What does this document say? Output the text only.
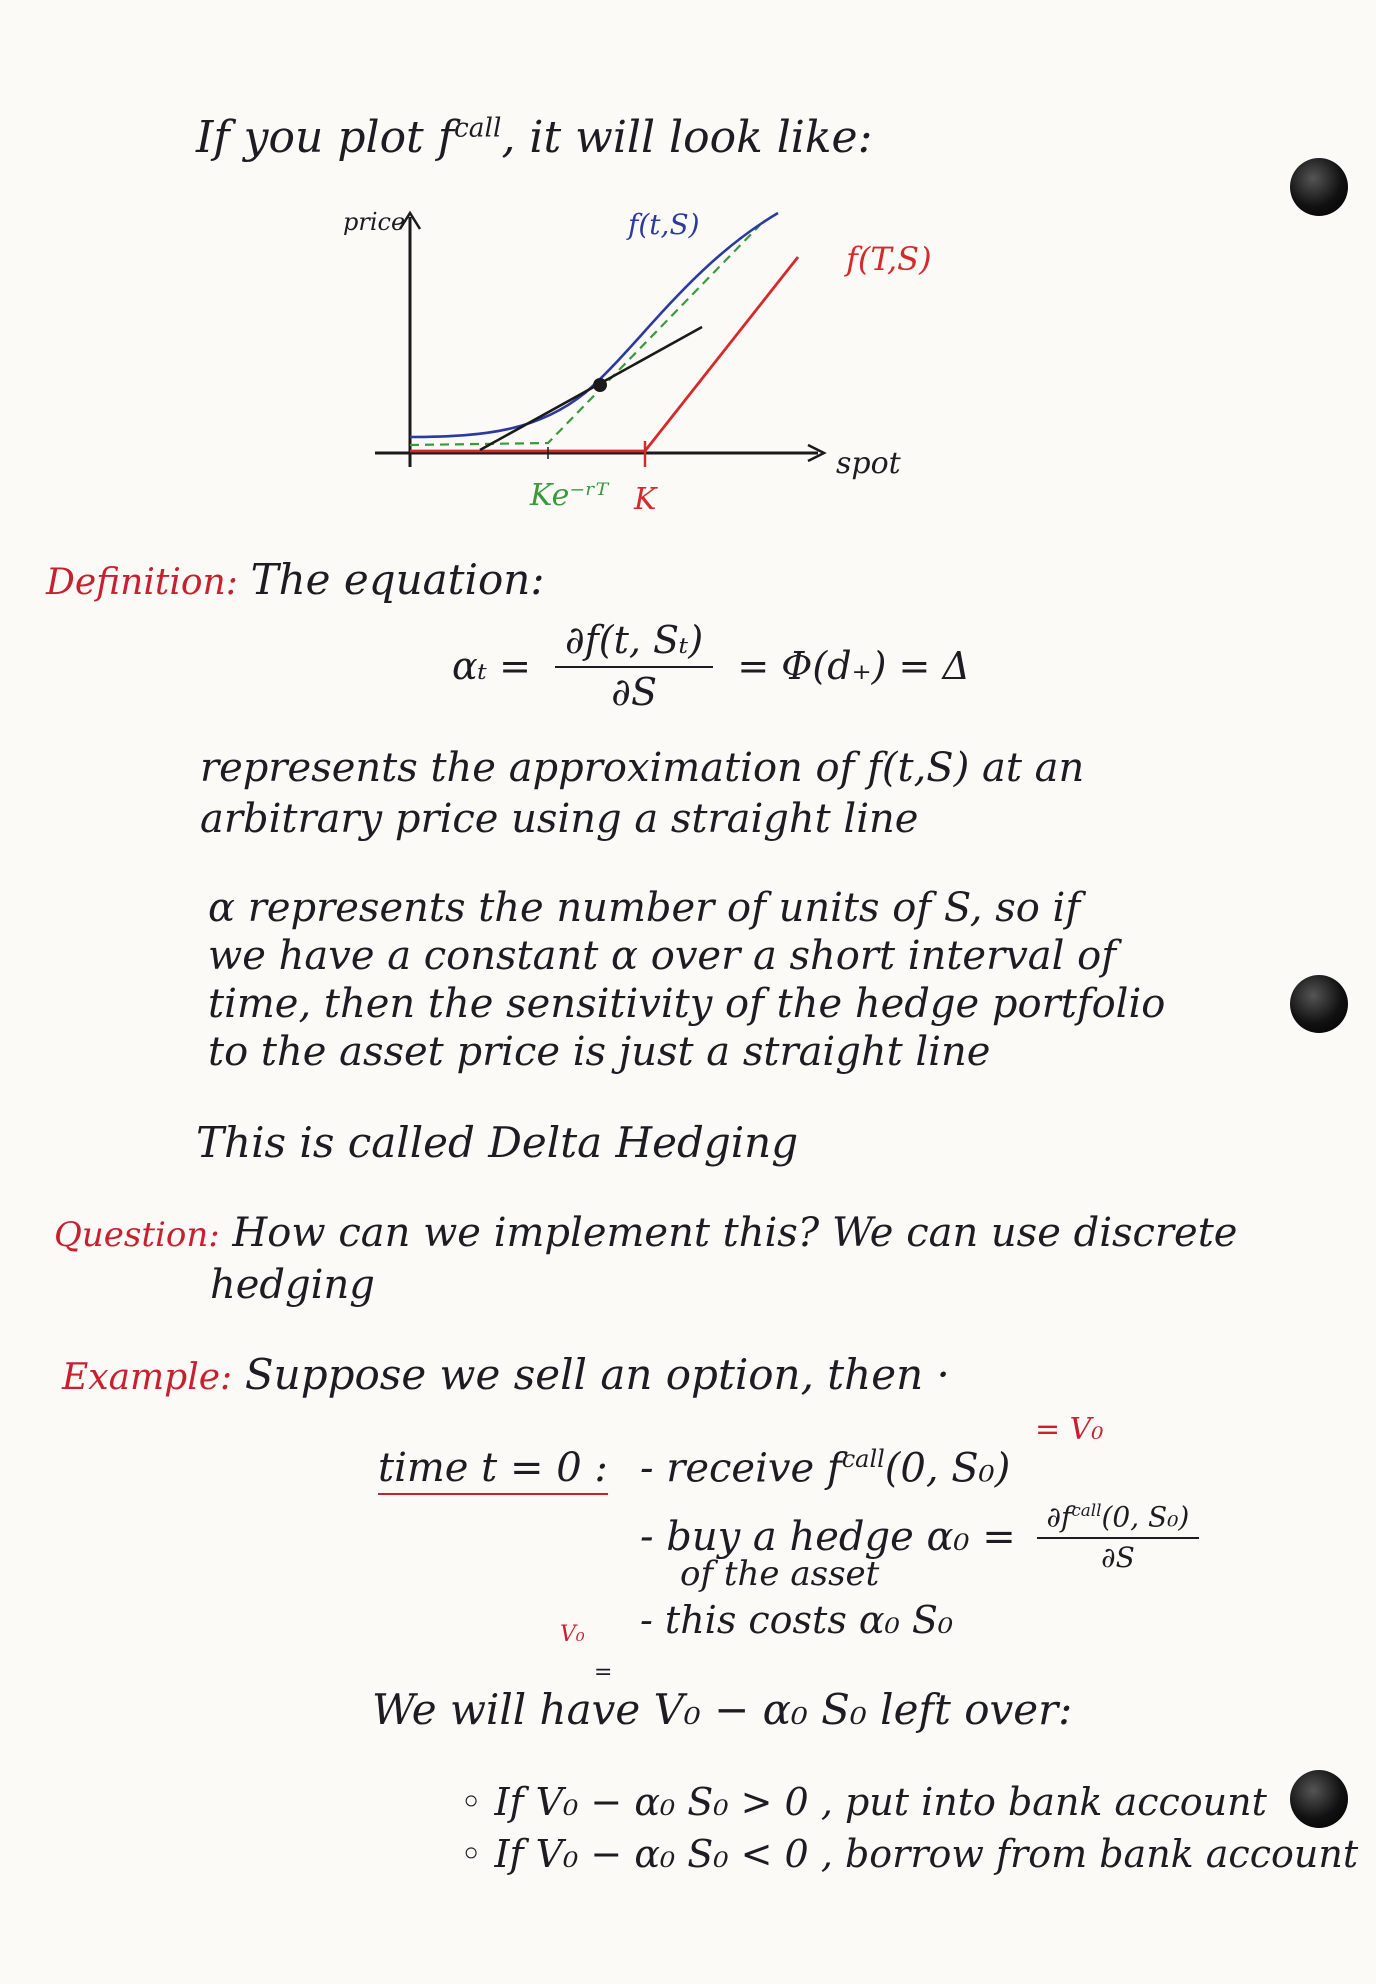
If you plot $f^{call}$, it will look like:
price	f(t,S)
f(T,S)
spot
Ke⁻ʳᵀ K
Definition: The equation:
$\alpha_t = \frac{\text{∂f(t, Sₜ)}}{\partial S} = \Phi(d_+) = \Delta$
represents the approximation of f(t,S) at an
arbitrary price using a straight line
α represents the number of units of S, so if
we have a constant α over a short interval of
time, then the sensitivity of the hedge portfolio
to the asset price is just a straight line
This is called Delta Hedging
Question: How can we implement this? We can use discrete
hedging
Example: Suppose we sell an option, then ·
= V₀
time t = 0 : - receive $f^{call}(0$, S₀)
- buy a hedge $\alpha_0 = \frac{\partial f^{call}(0, S_0)}{\partial S}$
of the asset
- this costs α₀ S₀
V₀
=
We will have V₀ − α₀ S₀ left over:
◦ If V₀ − α₀ S₀ > 0 , put into bank account
◦ If V₀ − α₀ S₀ < 0 , borrow from bank account
